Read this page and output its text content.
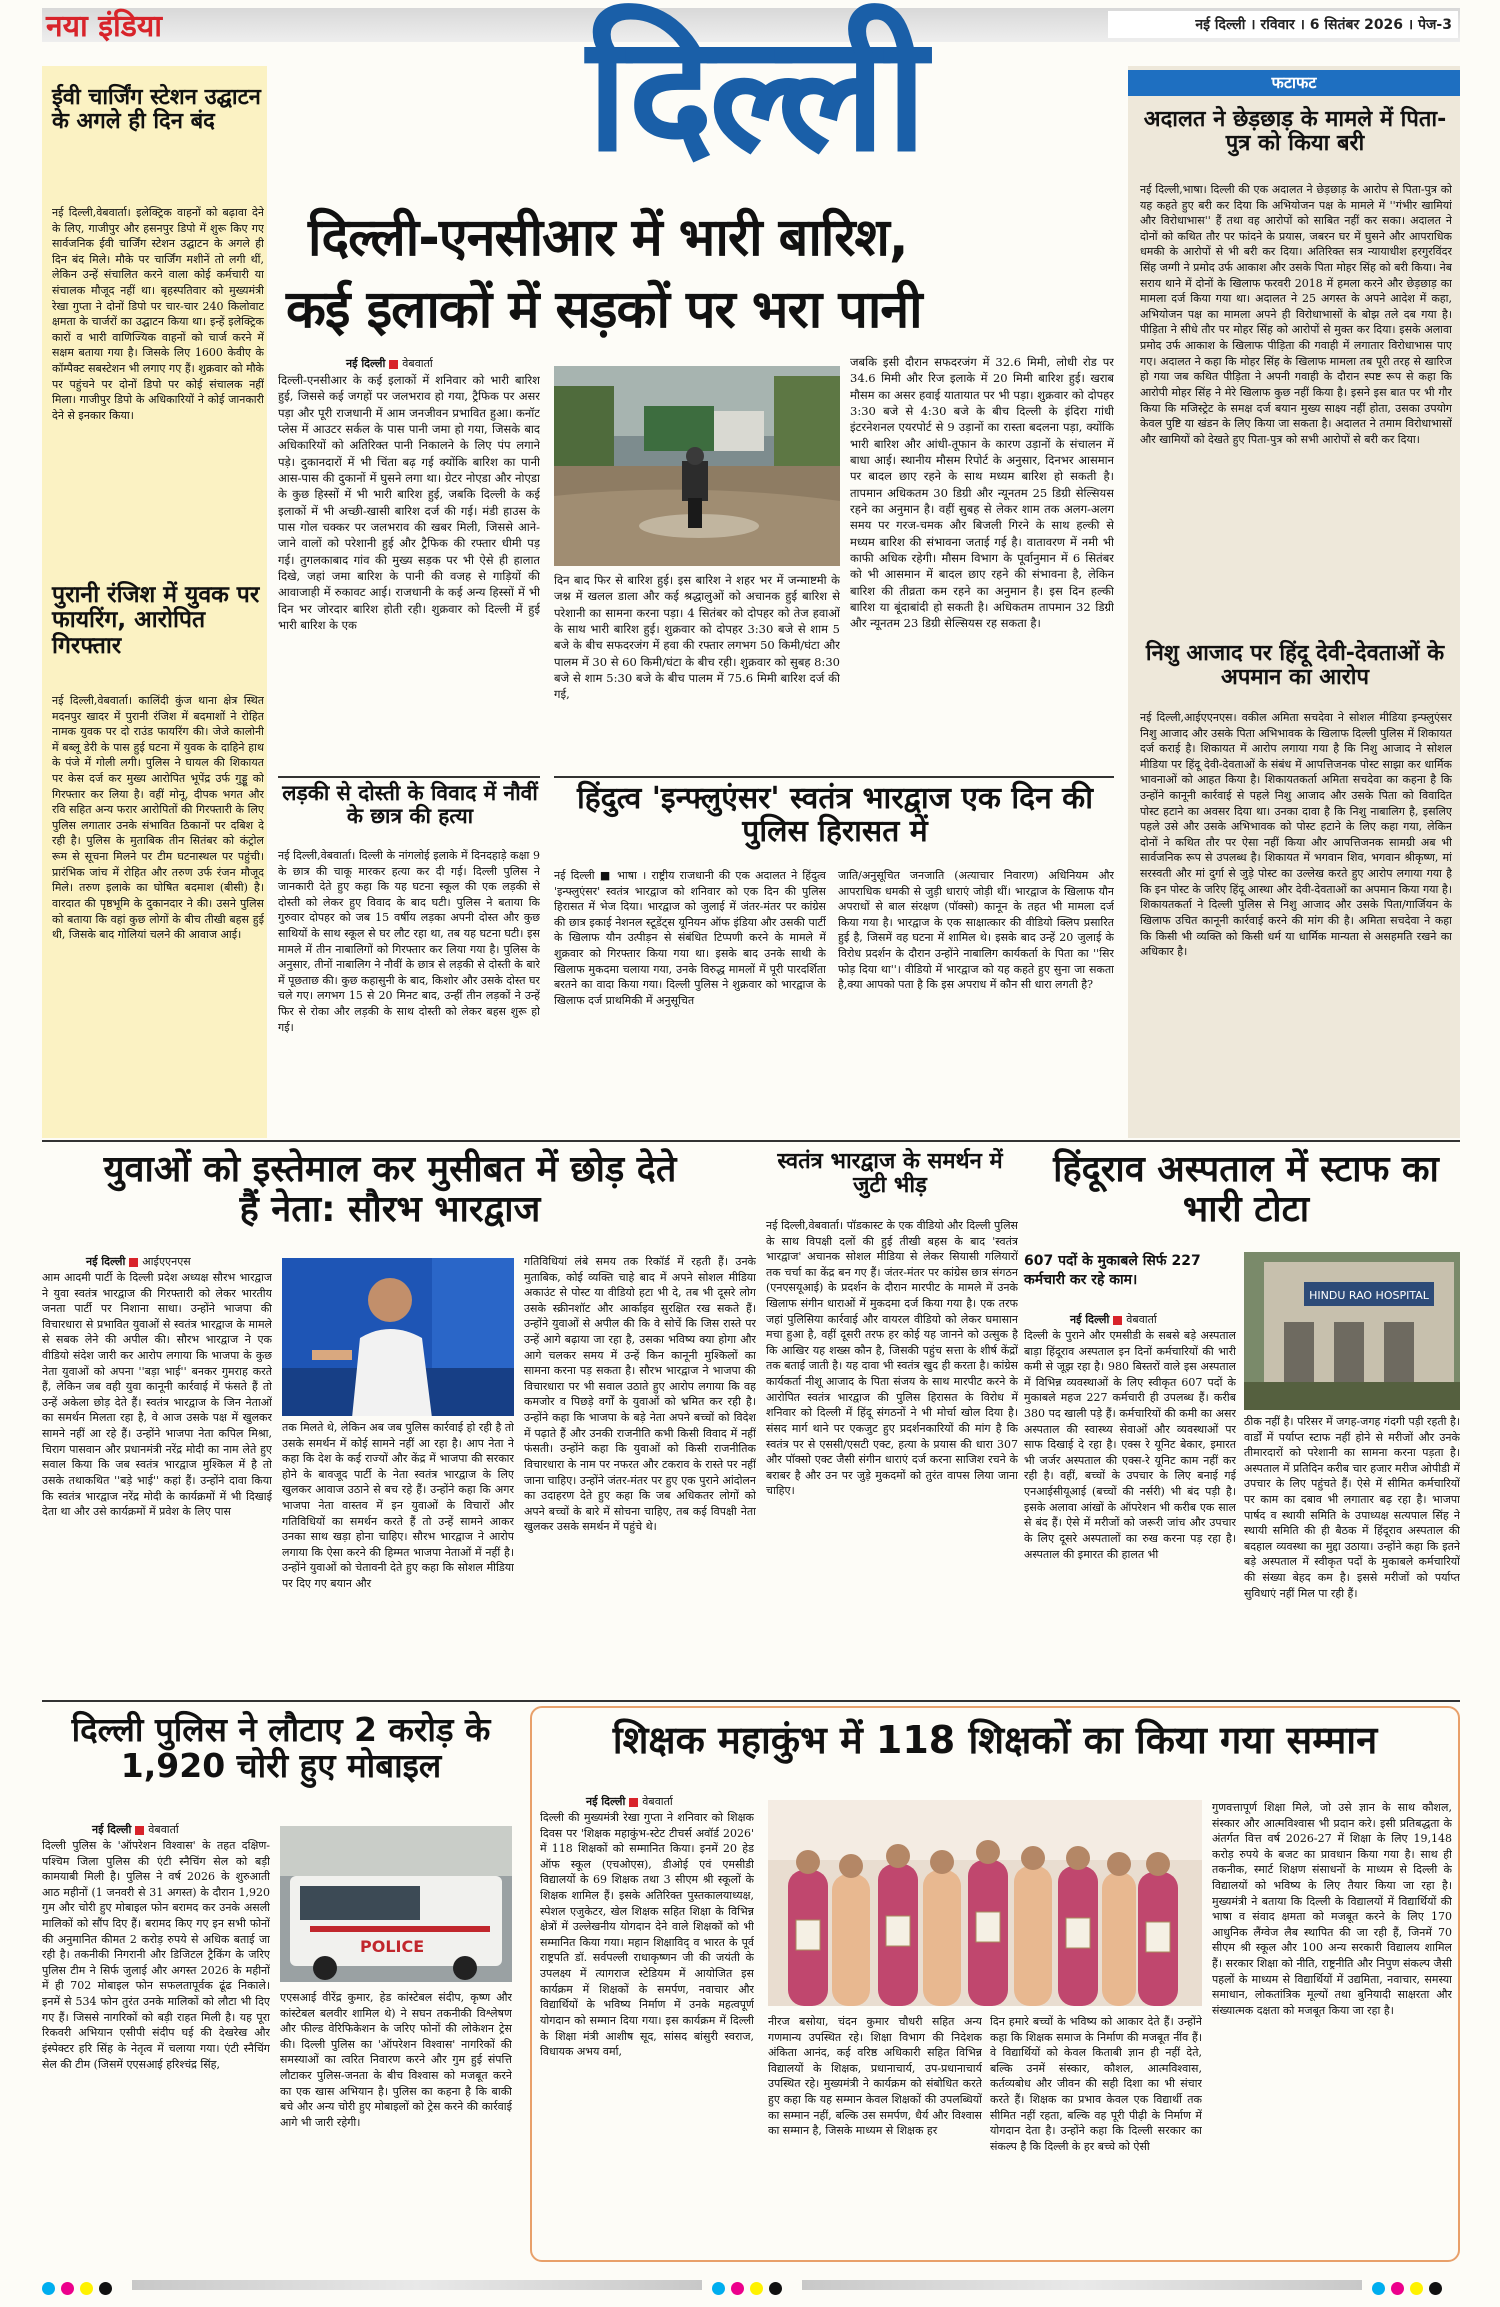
नया इंडिया	नई दिल्ली । रविवार । 6 सितंबर 2026 । पेज-3
दिल्ली
ईवी चार्जिंग स्टेशन उद्घाटन के अगले ही दिन बंद
नई दिल्ली,वेबवार्ता। इलेक्ट्रिक वाहनों को बढ़ावा देने के लिए, गाजीपुर और हसनपुर डिपो में शुरू किए गए सार्वजनिक ईवी चार्जिंग स्टेशन उद्घाटन के अगले ही दिन बंद मिले। मौके पर चार्जिंग मशीनें तो लगी थीं, लेकिन उन्हें संचालित करने वाला कोई कर्मचारी या संचालक मौजूद नहीं था। बृहस्पतिवार को मुख्यमंत्री रेखा गुप्ता ने दोनों डिपो पर चार-चार 240 किलोवाट क्षमता के चार्जरों का उद्घाटन किया था। इन्हें इलेक्ट्रिक कारों व भारी वाणिज्यिक वाहनों को चार्ज करने में सक्षम बताया गया है। जिसके लिए 1600 केवीए के कॉम्पैक्ट सबस्टेशन भी लगाए गए हैं। शुक्रवार को मौके पर पहुंचने पर दोनों डिपो पर कोई संचालक नहीं मिला। गाजीपुर डिपो के अधिकारियों ने कोई जानकारी देने से इनकार किया।
पुरानी रंजिश में युवक पर फायरिंग, आरोपित गिरफ्तार
नई दिल्ली,वेबवार्ता। कालिंदी कुंज थाना क्षेत्र स्थित मदनपुर खादर में पुरानी रंजिश में बदमाशों ने रोहित नामक युवक पर दो राउंड फायरिंग की। जेजे कालोनी में बब्लू डेरी के पास हुई घटना में युवक के दाहिने हाथ के पंजे में गोली लगी। पुलिस ने घायल की शिकायत पर केस दर्ज कर मुख्य आरोपित भूपेंद्र उर्फ गुड्डू को गिरफ्तार कर लिया है। वहीं मोनू, दीपक भगत और रवि सहित अन्य फरार आरोपितों की गिरफ्तारी के लिए पुलिस लगातार उनके संभावित ठिकानों पर दबिश दे रही है। पुलिस के मुताबिक तीन सितंबर को कंट्रोल रूम से सूचना मिलने पर टीम घटनास्थल पर पहुंची। प्रारंभिक जांच में रोहित और तरुण उर्फ रंजन मौजूद मिले। तरुण इलाके का घोषित बदमाश (बीसी) है। वारदात की पृष्ठभूमि के दुकानदार ने की। उसने पुलिस को बताया कि वहां कुछ लोगों के बीच तीखी बहस हुई थी, जिसके बाद गोलियां चलने की आवाज आई।
दिल्ली-एनसीआर में भारी बारिश,
कई इलाकों में सड़कों पर भरा पानी
नई दिल्ली वेबवार्ता
दिल्ली-एनसीआर के कई इलाकों में शनिवार को भारी बारिश हुई, जिससे कई जगहों पर जलभराव हो गया, ट्रैफिक पर असर पड़ा और पूरी राजधानी में आम जनजीवन प्रभावित हुआ। कनॉट प्लेस में आउटर सर्कल के पास पानी जमा हो गया, जिसके बाद अधिकारियों को अतिरिक्त पानी निकालने के लिए पंप लगाने पड़े। दुकानदारों में भी चिंता बढ़ गई क्योंकि बारिश का पानी आस-पास की दुकानों में घुसने लगा था। ग्रेटर नोएडा और नोएडा के कुछ हिस्सों में भी भारी बारिश हुई, जबकि दिल्ली के कई इलाकों में भी अच्छी-खासी बारिश दर्ज की गई। मंडी हाउस के पास गोल चक्कर पर जलभराव की खबर मिली, जिससे आने-जाने वालों को परेशानी हुई और ट्रैफिक की रफ्तार धीमी पड़ गई। तुगलकाबाद गांव की मुख्य सड़क पर भी ऐसे ही हालात दिखे, जहां जमा बारिश के पानी की वजह से गाड़ियों की आवाजाही में रुकावट आई। राजधानी के कई अन्य हिस्सों में भी दिन भर जोरदार बारिश होती रही। शुक्रवार को दिल्ली में हुई भारी बारिश के एक
दिन बाद फिर से बारिश हुई। इस बारिश ने शहर भर में जन्माष्टमी के जश्न में खलल डाला और कई श्रद्धालुओं को अचानक हुई बारिश से परेशानी का सामना करना पड़ा। 4 सितंबर को दोपहर को तेज हवाओं के साथ भारी बारिश हुई। शुक्रवार को दोपहर 3:30 बजे से शाम 5 बजे के बीच सफदरजंग में हवा की रफ्तार लगभग 50 किमी/घंटा और पालम में 30 से 60 किमी/घंटा के बीच रही। शुक्रवार को सुबह 8:30 बजे से शाम 5:30 बजे के बीच पालम में 75.6 मिमी बारिश दर्ज की गई,
जबकि इसी दौरान सफदरजंग में 32.6 मिमी, लोधी रोड पर 34.6 मिमी और रिज इलाके में 20 मिमी बारिश हुई। खराब मौसम का असर हवाई यातायात पर भी पड़ा। शुक्रवार को दोपहर 3:30 बजे से 4:30 बजे के बीच दिल्ली के इंदिरा गांधी इंटरनेशनल एयरपोर्ट से 9 उड़ानों का रास्ता बदलना पड़ा, क्योंकि भारी बारिश और आंधी-तूफान के कारण उड़ानों के संचालन में बाधा आई। स्थानीय मौसम रिपोर्ट के अनुसार, दिनभर आसमान पर बादल छाए रहने के साथ मध्यम बारिश हो सकती है। तापमान अधिकतम 30 डिग्री और न्यूनतम 25 डिग्री सेल्सियस रहने का अनुमान है। वहीं सुबह से लेकर शाम तक अलग-अलग समय पर गरज-चमक और बिजली गिरने के साथ हल्की से मध्यम बारिश की संभावना जताई गई है। वातावरण में नमी भी काफी अधिक रहेगी। मौसम विभाग के पूर्वानुमान में 6 सितंबर को भी आसमान में बादल छाए रहने की संभावना है, लेकिन बारिश की तीव्रता कम रहने का अनुमान है। इस दिन हल्की बारिश या बूंदाबांदी हो सकती है। अधिकतम तापमान 32 डिग्री और न्यूनतम 23 डिग्री सेल्सियस रह सकता है।
फटाफट
अदालत ने छेड़छाड़ के मामले में पिता-पुत्र को किया बरी
नई दिल्ली,भाषा। दिल्ली की एक अदालत ने छेड़छाड़ के आरोप से पिता-पुत्र को यह कहते हुए बरी कर दिया कि अभियोजन पक्ष के मामले में ''गंभीर खामियां और विरोधाभास'' हैं तथा वह आरोपों को साबित नहीं कर सका। अदालत ने दोनों को कथित तौर पर फांदने के प्रयास, जबरन घर में घुसने और आपराधिक धमकी के आरोपों से भी बरी कर दिया। अतिरिक्त सत्र न्यायाधीश हरगुरविंदर सिंह जग्गी ने प्रमोद उर्फ आकाश और उसके पिता मोहर सिंह को बरी किया। नेब सराय थाने में दोनों के खिलाफ फरवरी 2018 में हमला करने और छेड़छाड़ का मामला दर्ज किया गया था। अदालत ने 25 अगस्त के अपने आदेश में कहा, अभियोजन पक्ष का मामला अपने ही विरोधाभासों के बोझ तले दब गया है। पीड़िता ने सीधे तौर पर मोहर सिंह को आरोपों से मुक्त कर दिया। इसके अलावा प्रमोद उर्फ आकाश के खिलाफ पीड़िता की गवाही में लगातार विरोधाभास पाए गए। अदालत ने कहा कि मोहर सिंह के खिलाफ मामला तब पूरी तरह से खारिज हो गया जब कथित पीड़िता ने अपनी गवाही के दौरान स्पष्ट रूप से कहा कि आरोपी मोहर सिंह ने मेरे खिलाफ कुछ नहीं किया है। इसने इस बात पर भी गौर किया कि मजिस्ट्रेट के समक्ष दर्ज बयान मुख्य साक्ष्य नहीं होता, उसका उपयोग केवल पुष्टि या खंडन के लिए किया जा सकता है। अदालत ने तमाम विरोधाभासों और खामियों को देखते हुए पिता-पुत्र को सभी आरोपों से बरी कर दिया।
निशु आजाद पर हिंदू देवी-देवताओं के अपमान का आरोप
नई दिल्ली,आईएएनएस। वकील अमिता सचदेवा ने सोशल मीडिया इन्फ्लुएंसर निशु आजाद और उसके पिता अभिभावक के खिलाफ दिल्ली पुलिस में शिकायत दर्ज कराई है। शिकायत में आरोप लगाया गया है कि निशु आजाद ने सोशल मीडिया पर हिंदू देवी-देवताओं के संबंध में आपत्तिजनक पोस्ट साझा कर धार्मिक भावनाओं को आहत किया है। शिकायतकर्ता अमिता सचदेवा का कहना है कि उन्होंने कानूनी कार्रवाई से पहले निशु आजाद और उसके पिता को विवादित पोस्ट हटाने का अवसर दिया था। उनका दावा है कि निशु नाबालिग है, इसलिए पहले उसे और उसके अभिभावक को पोस्ट हटाने के लिए कहा गया, लेकिन दोनों ने कथित तौर पर ऐसा नहीं किया और आपत्तिजनक सामग्री अब भी सार्वजनिक रूप से उपलब्ध है। शिकायत में भगवान शिव, भगवान श्रीकृष्ण, मां सरस्वती और मां दुर्गा से जुड़े पोस्ट का उल्लेख करते हुए आरोप लगाया गया है कि इन पोस्ट के जरिए हिंदू आस्था और देवी-देवताओं का अपमान किया गया है। शिकायतकर्ता ने दिल्ली पुलिस से निशु आजाद और उसके पिता/गार्जियन के खिलाफ उचित कानूनी कार्रवाई करने की मांग की है। अमिता सचदेवा ने कहा कि किसी भी व्यक्ति को किसी धर्म या धार्मिक मान्यता से असहमति रखने का अधिकार है।
लड़की से दोस्ती के विवाद में नौवीं के छात्र की हत्या
नई दिल्ली,वेबवार्ता। दिल्ली के नांगलोई इलाके में दिनदहाड़े कक्षा 9 के छात्र की चाकू मारकर हत्या कर दी गई। दिल्ली पुलिस ने जानकारी देते हुए कहा कि यह घटना स्कूल की एक लड़की से दोस्ती को लेकर हुए विवाद के बाद घटी। पुलिस ने बताया कि गुरुवार दोपहर को जब 15 वर्षीय लड़का अपनी दोस्त और कुछ साथियों के साथ स्कूल से घर लौट रहा था, तब यह घटना घटी। इस मामले में तीन नाबालिगों को गिरफ्तार कर लिया गया है। पुलिस के अनुसार, तीनों नाबालिग ने नौवीं के छात्र से लड़की से दोस्ती के बारे में पूछताछ की। कुछ कहासुनी के बाद, किशोर और उसके दोस्त घर चले गए। लगभग 15 से 20 मिनट बाद, उन्हीं तीन लड़कों ने उन्हें फिर से रोका और लड़की के साथ दोस्ती को लेकर बहस शुरू हो गई।
हिंदुत्व 'इन्फ्लुएंसर' स्वतंत्र भारद्वाज एक दिन की पुलिस हिरासत में
नई दिल्ली ■ भाषा । राष्ट्रीय राजधानी की एक अदालत ने हिंदुत्व 'इन्फ्लुएंसर' स्वतंत्र भारद्वाज को शनिवार को एक दिन की पुलिस हिरासत में भेज दिया। भारद्वाज को जुलाई में जंतर-मंतर पर कांग्रेस की छात्र इकाई नेशनल स्टूडेंट्स यूनियन ऑफ इंडिया और उसकी पार्टी के खिलाफ यौन उत्पीड़न से संबंधित टिप्पणी करने के मामले में शुक्रवार को गिरफ्तार किया गया था। इसके बाद उनके साथी के खिलाफ मुकदमा चलाया गया, उनके विरुद्ध मामलों में पूरी पारदर्शिता बरतने का वादा किया गया। दिल्ली पुलिस ने शुक्रवार को भारद्वाज के खिलाफ दर्ज प्राथमिकी में अनुसूचित
जाति/अनुसूचित जनजाति (अत्याचार निवारण) अधिनियम और आपराधिक धमकी से जुड़ी धाराएं जोड़ी थीं। भारद्वाज के खिलाफ यौन अपराधों से बाल संरक्षण (पॉक्सो) कानून के तहत भी मामला दर्ज किया गया है। भारद्वाज के एक साक्षात्कार की वीडियो क्लिप प्रसारित हुई है, जिसमें वह घटना में शामिल थे। इसके बाद उन्हें 20 जुलाई के विरोध प्रदर्शन के दौरान उन्होंने नाबालिग कार्यकर्ता के पिता का ''सिर फोड़ दिया था''। वीडियो में भारद्वाज को यह कहते हुए सुना जा सकता है,क्या आपको पता है कि इस अपराध में कौन सी धारा लगती है?
युवाओं को इस्तेमाल कर मुसीबत में छोड़ देते हैं नेता: सौरभ भारद्वाज
नई दिल्ली आईएएनएस
आम आदमी पार्टी के दिल्ली प्रदेश अध्यक्ष सौरभ भारद्वाज ने युवा स्वतंत्र भारद्वाज की गिरफ्तारी को लेकर भारतीय जनता पार्टी पर निशाना साधा। उन्होंने भाजपा की विचारधारा से प्रभावित युवाओं से स्वतंत्र भारद्वाज के मामले से सबक लेने की अपील की। सौरभ भारद्वाज ने एक वीडियो संदेश जारी कर आरोप लगाया कि भाजपा के कुछ नेता युवाओं को अपना ''बड़ा भाई'' बनकर गुमराह करते हैं, लेकिन जब वही युवा कानूनी कार्रवाई में फंसते हैं तो उन्हें अकेला छोड़ देते हैं। स्वतंत्र भारद्वाज के जिन नेताओं का समर्थन मिलता रहा है, वे आज उसके पक्ष में खुलकर सामने नहीं आ रहे हैं। उन्होंने भाजपा नेता कपिल मिश्रा, चिराग पासवान और प्रधानमंत्री नरेंद्र मोदी का नाम लेते हुए सवाल किया कि जब स्वतंत्र भारद्वाज मुश्किल में है तो उसके तथाकथित ''बड़े भाई'' कहां हैं। उन्होंने दावा किया कि स्वतंत्र भारद्वाज नरेंद्र मोदी के कार्यक्रमों में भी दिखाई देता था और उसे कार्यक्रमों में प्रवेश के लिए पास
तक मिलते थे, लेकिन अब जब पुलिस कार्रवाई हो रही है तो उसके समर्थन में कोई सामने नहीं आ रहा है। आप नेता ने कहा कि देश के कई राज्यों और केंद्र में भाजपा की सरकार होने के बावजूद पार्टी के नेता स्वतंत्र भारद्वाज के लिए खुलकर आवाज उठाने से बच रहे हैं। उन्होंने कहा कि अगर भाजपा नेता वास्तव में इन युवाओं के विचारों और गतिविधियों का समर्थन करते हैं तो उन्हें सामने आकर उनका साथ खड़ा होना चाहिए। सौरभ भारद्वाज ने आरोप लगाया कि ऐसा करने की हिम्मत भाजपा नेताओं में नहीं है। उन्होंने युवाओं को चेतावनी देते हुए कहा कि सोशल मीडिया पर दिए गए बयान और
गतिविधियां लंबे समय तक रिकॉर्ड में रहती हैं। उनके मुताबिक, कोई व्यक्ति चाहे बाद में अपने सोशल मीडिया अकाउंट से पोस्ट या वीडियो हटा भी दे, तब भी दूसरे लोग उसके स्क्रीनशॉट और आर्काइव सुरक्षित रख सकते हैं। उन्होंने युवाओं से अपील की कि वे सोचें कि जिस रास्ते पर उन्हें आगे बढ़ाया जा रहा है, उसका भविष्य क्या होगा और आगे चलकर समय में उन्हें किन कानूनी मुश्किलों का सामना करना पड़ सकता है। सौरभ भारद्वाज ने भाजपा की विचारधारा पर भी सवाल उठाते हुए आरोप लगाया कि वह कमजोर व पिछड़े वर्गों के युवाओं को भ्रमित कर रही है। उन्होंने कहा कि भाजपा के बड़े नेता अपने बच्चों को विदेश में पढ़ाते हैं और उनकी राजनीति कभी किसी विवाद में नहीं फंसती। उन्होंने कहा कि युवाओं को किसी राजनीतिक विचारधारा के नाम पर नफरत और टकराव के रास्ते पर नहीं जाना चाहिए। उन्होंने जंतर-मंतर पर हुए एक पुराने आंदोलन का उदाहरण देते हुए कहा कि जब अधिकतर लोगों को अपने बच्चों के बारे में सोचना चाहिए, तब कई विपक्षी नेता खुलकर उसके समर्थन में पहुंचे थे।
स्वतंत्र भारद्वाज के समर्थन में जुटी भीड़
नई दिल्ली,वेबवार्ता। पॉडकास्ट के एक वीडियो और दिल्ली पुलिस के साथ विपक्षी दलों की हुई तीखी बहस के बाद 'स्वतंत्र भारद्वाज' अचानक सोशल मीडिया से लेकर सियासी गलियारों तक चर्चा का केंद्र बन गए हैं। जंतर-मंतर पर कांग्रेस छात्र संगठन (एनएसयूआई) के प्रदर्शन के दौरान मारपीट के मामले में उनके खिलाफ संगीन धाराओं में मुकदमा दर्ज किया गया है। एक तरफ जहां पुलिसिया कार्रवाई और वायरल वीडियो को लेकर घमासान मचा हुआ है, वहीं दूसरी तरफ हर कोई यह जानने को उत्सुक है कि आखिर यह शख्स कौन है, जिसकी पहुंच सत्ता के शीर्ष केंद्रों तक बताई जाती है। यह दावा भी स्वतंत्र खुद ही करता है। कांग्रेस कार्यकर्ता नीशू आजाद के पिता संजय के साथ मारपीट करने के आरोपित स्वतंत्र भारद्वाज की पुलिस हिरासत के विरोध में शनिवार को दिल्ली में हिंदू संगठनों ने भी मोर्चा खोल दिया है। संसद मार्ग थाने पर एकजुट हुए प्रदर्शनकारियों की मांग है कि स्वतंत्र पर से एससी/एसटी एक्ट, हत्या के प्रयास की धारा 307 और पॉक्सो एक्ट जैसी संगीन धाराएं दर्ज करना साजिश रचने के बराबर है और उन पर जुड़े मुकदमों को तुरंत वापस लिया जाना चाहिए।
हिंदूराव अस्पताल में स्टाफ का भारी टोटा
607 पदों के मुकाबले सिर्फ 227 कर्मचारी कर रहे काम।
नई दिल्ली वेबवार्ता
दिल्ली के पुराने और एमसीडी के सबसे बड़े अस्पताल बाड़ा हिंदूराव अस्पताल इन दिनों कर्मचारियों की भारी कमी से जूझ रहा है। 980 बिस्तरों वाले इस अस्पताल में विभिन्न व्यवस्थाओं के लिए स्वीकृत 607 पदों के मुकाबले महज 227 कर्मचारी ही उपलब्ध हैं। करीब 380 पद खाली पड़े हैं। कर्मचारियों की कमी का असर अस्पताल की स्वास्थ्य सेवाओं और व्यवस्थाओं पर साफ दिखाई दे रहा है। एक्स रे यूनिट बेकार, इमारत भी जर्जर अस्पताल की एक्स-रे यूनिट काम नहीं कर रही है। वहीं, बच्चों के उपचार के लिए बनाई गई एनआईसीयूआई (बच्चों की नर्सरी) भी बंद पड़ी है। इसके अलावा आंखों के ऑपरेशन भी करीब एक साल से बंद हैं। ऐसे में मरीजों को जरूरी जांच और उपचार के लिए दूसरे अस्पतालों का रुख करना पड़ रहा है। अस्पताल की इमारत की हालत भी
HINDU RAO HOSPITAL
ठीक नहीं है। परिसर में जगह-जगह गंदगी पड़ी रहती है। वार्डों में पर्याप्त स्टाफ नहीं होने से मरीजों और उनके तीमारदारों को परेशानी का सामना करना पड़ता है। अस्पताल में प्रतिदिन करीब चार हजार मरीज ओपीडी में उपचार के लिए पहुंचते हैं। ऐसे में सीमित कर्मचारियों पर काम का दबाव भी लगातार बढ़ रहा है। भाजपा पार्षद व स्थायी समिति के उपाध्यक्ष सत्यपाल सिंह ने स्थायी समिति की ही बैठक में हिंदूराव अस्पताल की बदहाल व्यवस्था का मुद्दा उठाया। उन्होंने कहा कि इतने बड़े अस्पताल में स्वीकृत पदों के मुकाबले कर्मचारियों की संख्या बेहद कम है। इससे मरीजों को पर्याप्त सुविधाएं नहीं मिल पा रही हैं।
दिल्ली पुलिस ने लौटाए 2 करोड़ के 1,920 चोरी हुए मोबाइल
नई दिल्ली वेबवार्ता
दिल्ली पुलिस के 'ऑपरेशन विश्वास' के तहत दक्षिण-पश्चिम जिला पुलिस की एंटी स्नैचिंग सेल को बड़ी कामयाबी मिली है। पुलिस ने वर्ष 2026 के शुरुआती आठ महीनों (1 जनवरी से 31 अगस्त) के दौरान 1,920 गुम और चोरी हुए मोबाइल फोन बरामद कर उनके असली मालिकों को सौंप दिए हैं। बरामद किए गए इन सभी फोनों की अनुमानित कीमत 2 करोड़ रुपये से अधिक बताई जा रही है। तकनीकी निगरानी और डिजिटल ट्रैकिंग के जरिए पुलिस टीम ने सिर्फ जुलाई और अगस्त 2026 के महीनों में ही 702 मोबाइल फोन सफलतापूर्वक ढूंढ निकाले। इनमें से 534 फोन तुरंत उनके मालिकों को लौटा भी दिए गए हैं। जिससे नागरिकों को बड़ी राहत मिली है। यह पूरा रिकवरी अभियान एसीपी संदीप घई की देखरेख और इंस्पेक्टर हरि सिंह के नेतृत्व में चलाया गया। एंटी स्नैचिंग सेल की टीम (जिसमें एएसआई हरिश्चंद्र सिंह,
POLICE
एएसआई वीरेंद्र कुमार, हेड कांस्टेबल संदीप, कृष्ण और कांस्टेबल बलवीर शामिल थे) ने सघन तकनीकी विश्लेषण और फील्ड वेरिफिकेशन के जरिए फोनों की लोकेशन ट्रेस की। दिल्ली पुलिस का 'ऑपरेशन विश्वास' नागरिकों की समस्याओं का त्वरित निवारण करने और गुम हुई संपत्ति लौटाकर पुलिस-जनता के बीच विश्वास को मजबूत करने का एक खास अभियान है। पुलिस का कहना है कि बाकी बचे और अन्य चोरी हुए मोबाइलों को ट्रेस करने की कार्रवाई आगे भी जारी रहेगी।
शिक्षक महाकुंभ में 118 शिक्षकों का किया गया सम्मान
नई दिल्ली वेबवार्ता
दिल्ली की मुख्यमंत्री रेखा गुप्ता ने शनिवार को शिक्षक दिवस पर 'शिक्षक महाकुंभ-स्टेट टीचर्स अवॉर्ड 2026' में 118 शिक्षकों को सम्मानित किया। इनमें 20 हेड ऑफ स्कूल (एचओएस), डीओई एवं एमसीडी विद्यालयों के 69 शिक्षक तथा 3 सीएम श्री स्कूलों के शिक्षक शामिल हैं। इसके अतिरिक्त पुस्तकालयाध्यक्ष, स्पेशल एजुकेटर, खेल शिक्षक सहित शिक्षा के विभिन्न क्षेत्रों में उल्लेखनीय योगदान देने वाले शिक्षकों को भी सम्मानित किया गया। महान शिक्षाविद् व भारत के पूर्व राष्ट्रपति डॉ. सर्वपल्ली राधाकृष्णन जी की जयंती के उपलक्ष्य में त्यागराज स्टेडियम में आयोजित इस कार्यक्रम में शिक्षकों के समर्पण, नवाचार और विद्यार्थियों के भविष्य निर्माण में उनके महत्वपूर्ण योगदान को सम्मान दिया गया। इस कार्यक्रम में दिल्ली के शिक्षा मंत्री आशीष सूद, सांसद बांसुरी स्वराज, विधायक अभय वर्मा,
नीरज बसोया, चंदन कुमार चौधरी सहित अन्य गणमान्य उपस्थित रहे। शिक्षा विभाग की निदेशक अंकिता आनंद, कई वरिष्ठ अधिकारी सहित विभिन्न विद्यालयों के शिक्षक, प्रधानाचार्य, उप-प्रधानाचार्य उपस्थित रहे। मुख्यमंत्री ने कार्यक्रम को संबोधित करते हुए कहा कि यह सम्मान केवल शिक्षकों की उपलब्धियों का सम्मान नहीं, बल्कि उस समर्पण, धैर्य और विश्वास का सम्मान है, जिसके माध्यम से शिक्षक हर
दिन हमारे बच्चों के भविष्य को आकार देते हैं। उन्होंने कहा कि शिक्षक समाज के निर्माण की मजबूत नींव हैं। वे विद्यार्थियों को केवल किताबी ज्ञान ही नहीं देते, बल्कि उनमें संस्कार, कौशल, आत्मविश्वास, कर्तव्यबोध और जीवन की सही दिशा का भी संचार करते हैं। शिक्षक का प्रभाव केवल एक विद्यार्थी तक सीमित नहीं रहता, बल्कि वह पूरी पीढ़ी के निर्माण में योगदान देता है। उन्होंने कहा कि दिल्ली सरकार का संकल्प है कि दिल्ली के हर बच्चे को ऐसी
गुणवत्तापूर्ण शिक्षा मिले, जो उसे ज्ञान के साथ कौशल, संस्कार और आत्मविश्वास भी प्रदान करे। इसी प्रतिबद्धता के अंतर्गत वित्त वर्ष 2026-27 में शिक्षा के लिए 19,148 करोड़ रुपये के बजट का प्रावधान किया गया है। साथ ही तकनीक, स्मार्ट शिक्षण संसाधनों के माध्यम से दिल्ली के विद्यालयों को भविष्य के लिए तैयार किया जा रहा है। मुख्यमंत्री ने बताया कि दिल्ली के विद्यालयों में विद्यार्थियों की भाषा व संवाद क्षमता को मजबूत करने के लिए 170 आधुनिक लैंग्वेज लैब स्थापित की जा रही हैं, जिनमें 70 सीएम श्री स्कूल और 100 अन्य सरकारी विद्यालय शामिल हैं। सरकार शिक्षा को नीति, राष्ट्रनीति और निपुण संकल्प जैसी पहलों के माध्यम से विद्यार्थियों में उद्यमिता, नवाचार, समस्या समाधान, लोकतांत्रिक मूल्यों तथा बुनियादी साक्षरता और संख्यात्मक दक्षता को मजबूत किया जा रहा है।
